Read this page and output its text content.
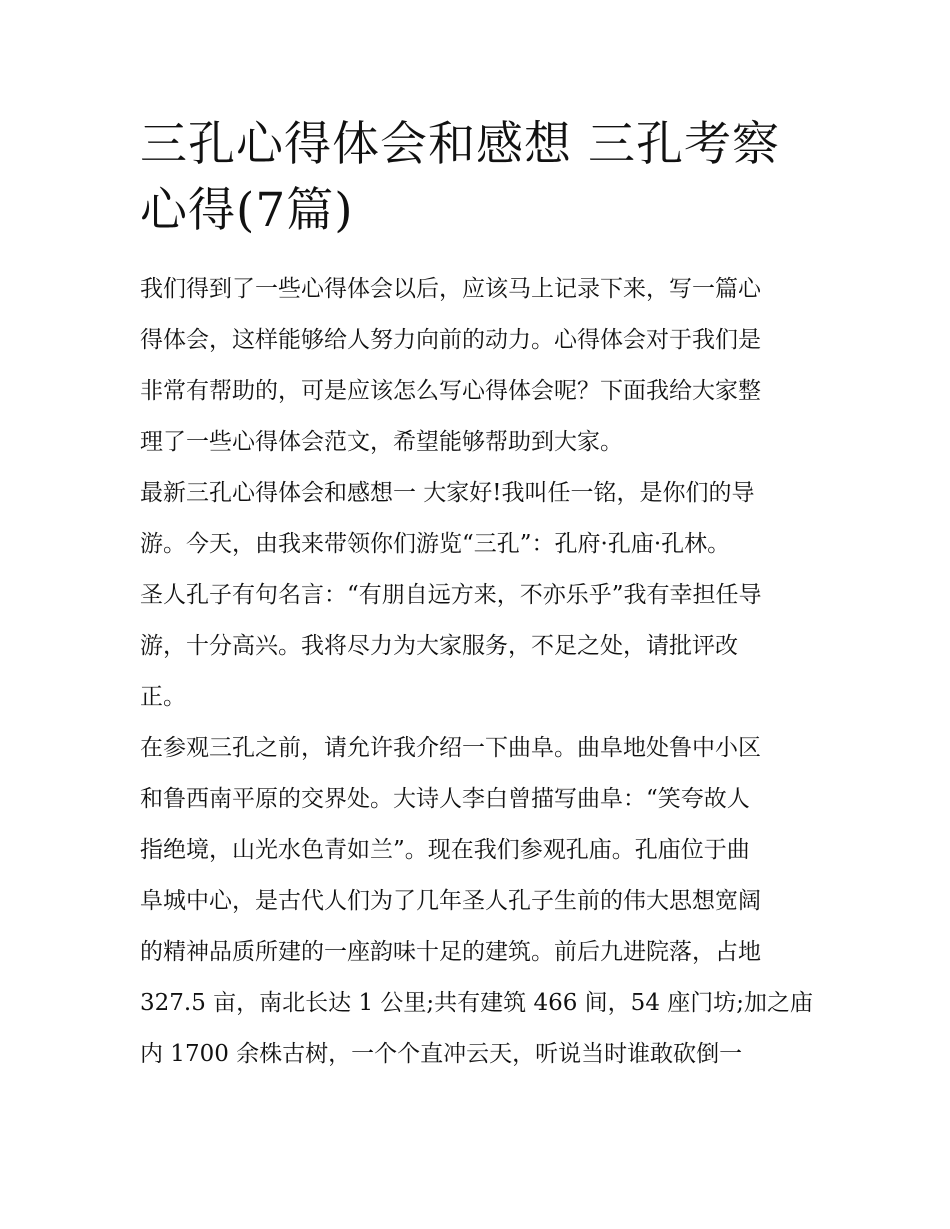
三孔心得体会和感想 三孔考察
心得(7篇)

我们得到了一些心得体会以后，应该马上记录下来，写一篇心
得体会，这样能够给人努力向前的动力。心得体会对于我们是
非常有帮助的，可是应该怎么写心得体会呢？下面我给大家整
理了一些心得体会范文，希望能够帮助到大家。

最新三孔心得体会和感想一 大家好!我叫任一铭，是你们的导
游。今天，由我来带领你们游览“三孔”：孔府·孔庙·孔林。

圣人孔子有句名言：“有朋自远方来，不亦乐乎”我有幸担任导
游，十分高兴。我将尽力为大家服务，不足之处，请批评改
正。

在参观三孔之前，请允许我介绍一下曲阜。曲阜地处鲁中小区
和鲁西南平原的交界处。大诗人李白曾描写曲阜：“笑夸故人
指绝境，山光水色青如兰”。现在我们参观孔庙。孔庙位于曲
阜城中心，是古代人们为了几年圣人孔子生前的伟大思想宽阔
的精神品质所建的一座韵味十足的建筑。前后九进院落，占地
327.5 亩，南北长达 1 公里;共有建筑 466 间，54 座门坊;加之庙
内 1700 余株古树，一个个直冲云天，听说当时谁敢砍倒一
